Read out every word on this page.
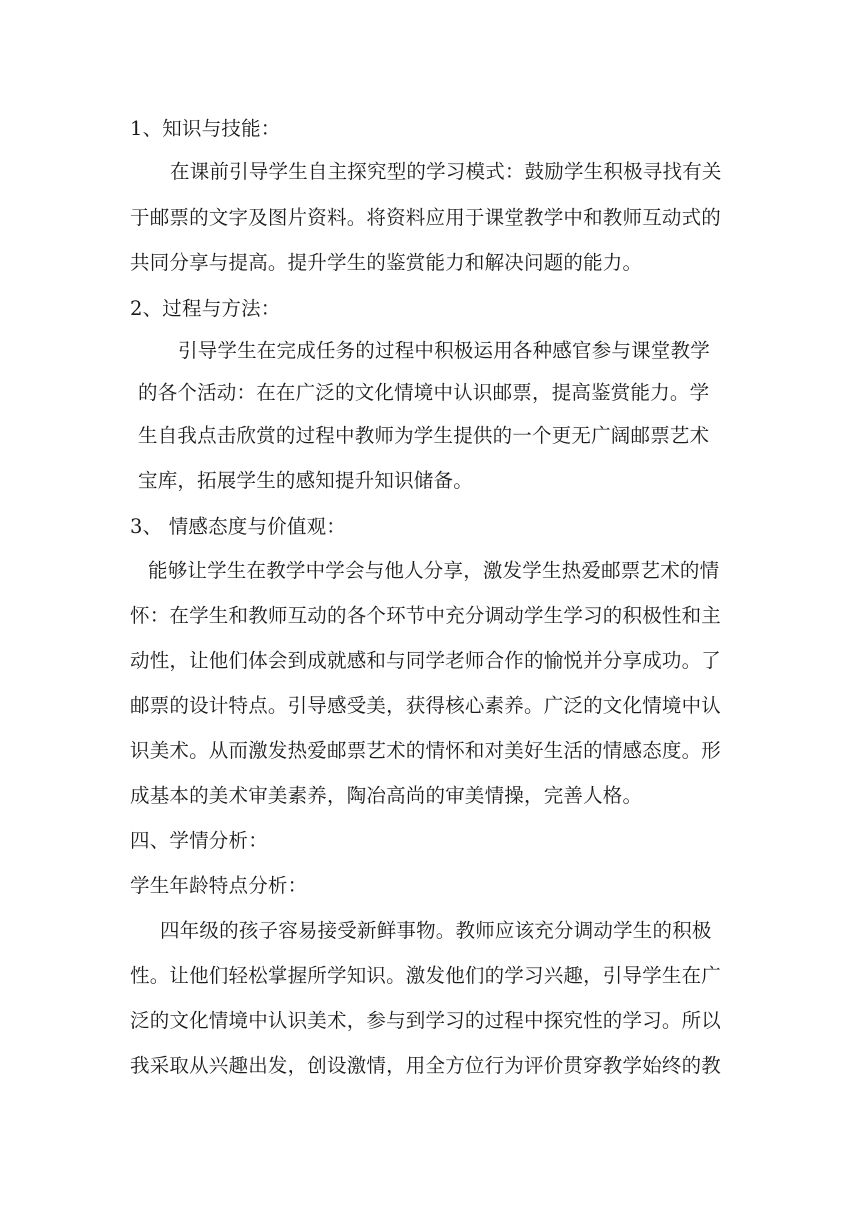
1、知识与技能：
在课前引导学生自主探究型的学习模式：鼓励学生积极寻找有关
于邮票的文字及图片资料。将资料应用于课堂教学中和教师互动式的
共同分享与提高。提升学生的鉴赏能力和解决问题的能力。
2、过程与方法：
引导学生在完成任务的过程中积极运用各种感官参与课堂教学
的各个活动：在在广泛的文化情境中认识邮票，提高鉴赏能力。学
生自我点击欣赏的过程中教师为学生提供的一个更无广阔邮票艺术
宝库，拓展学生的感知提升知识储备。
3、 情感态度与价值观：
能够让学生在教学中学会与他人分享，激发学生热爱邮票艺术的情
怀：在学生和教师互动的各个环节中充分调动学生学习的积极性和主
动性，让他们体会到成就感和与同学老师合作的愉悦并分享成功。了
邮票的设计特点。引导感受美，获得核心素养。广泛的文化情境中认
识美术。从而激发热爱邮票艺术的情怀和对美好生活的情感态度。形
成基本的美术审美素养，陶冶高尚的审美情操，完善人格。
四、学情分析：
学生年龄特点分析：
四年级的孩子容易接受新鲜事物。教师应该充分调动学生的积极
性。让他们轻松掌握所学知识。激发他们的学习兴趣，引导学生在广
泛的文化情境中认识美术，参与到学习的过程中探究性的学习。所以
我采取从兴趣出发，创设激情，用全方位行为评价贯穿教学始终的教
